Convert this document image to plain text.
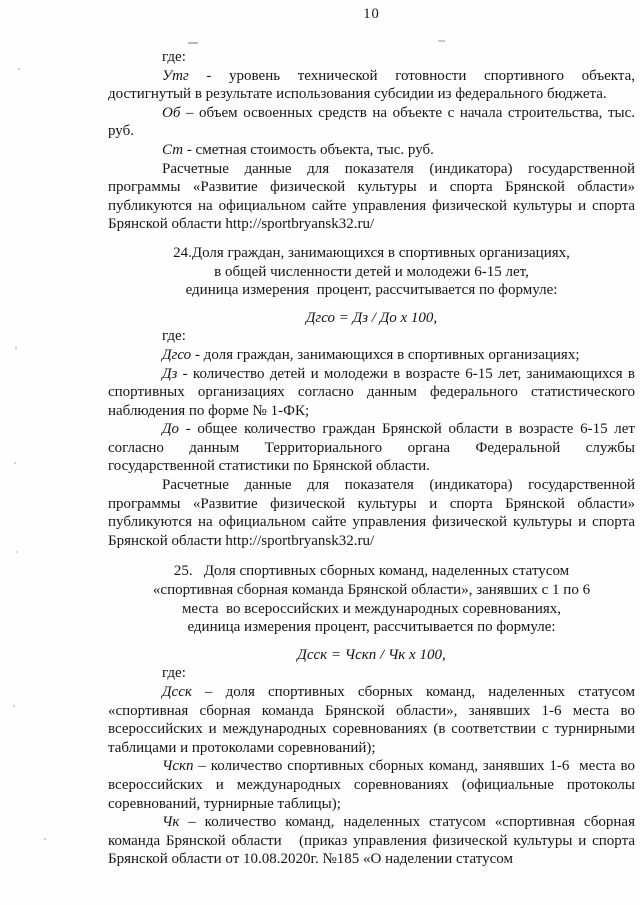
10

где:

Утг - уровень технической готовности спортивного объекта, достигнутый в результате использования субсидии из федерального бюджета.

Об – объем освоенных средств на объекте с начала строительства, тыс. руб.

Ст - сметная стоимость объекта, тыс. руб.

Расчетные данные для показателя (индикатора) государственной программы «Развитие физической культуры и спорта Брянской области» публикуются на официальном сайте управления физической культуры и спорта Брянской области http://sportbryansk32.ru/

24.Доля граждан, занимающихся в спортивных организациях,

в общей численности детей и молодежи 6-15 лет,

единица измерения  процент, рассчитывается по формуле:

Дгсо = Дз / До х 100,

где:

Дгсо - доля граждан, занимающихся в спортивных организациях;

Дз - количество детей и молодежи в возрасте 6-15 лет, занимающихся в спортивных организациях согласно данным федерального статистического наблюдения по форме № 1-ФК;

До - общее количество граждан Брянской области в возрасте 6-15 лет согласно данным Территориального органа Федеральной службы государственной статистики по Брянской области.

Расчетные данные для показателя (индикатора) государственной программы «Развитие физической культуры и спорта Брянской области» публикуются на официальном сайте управления физической культуры и спорта Брянской области http://sportbryansk32.ru/

25.   Доля спортивных сборных команд, наделенных статусом

«спортивная сборная команда Брянской области», занявших с 1 по 6

места  во всероссийских и международных соревнованиях,

единица измерения процент, рассчитывается по формуле:

Дсск = Чскп / Чк х 100,

где:

Дсск – доля спортивных сборных команд, наделенных статусом «спортивная сборная команда Брянской области», занявших 1-6 места во всероссийских и международных соревнованиях (в соответствии с турнирными таблицами и протоколами соревнований);

Чскп – количество спортивных сборных команд, занявших 1-6  места во всероссийских и международных соревнованиях (официальные протоколы соревнований, турнирные таблицы);

Чк – количество команд, наделенных статусом «спортивная сборная команда Брянской области   (приказ управления физической культуры и спорта Брянской области от 10.08.2020г. №185 «О наделении статусом
